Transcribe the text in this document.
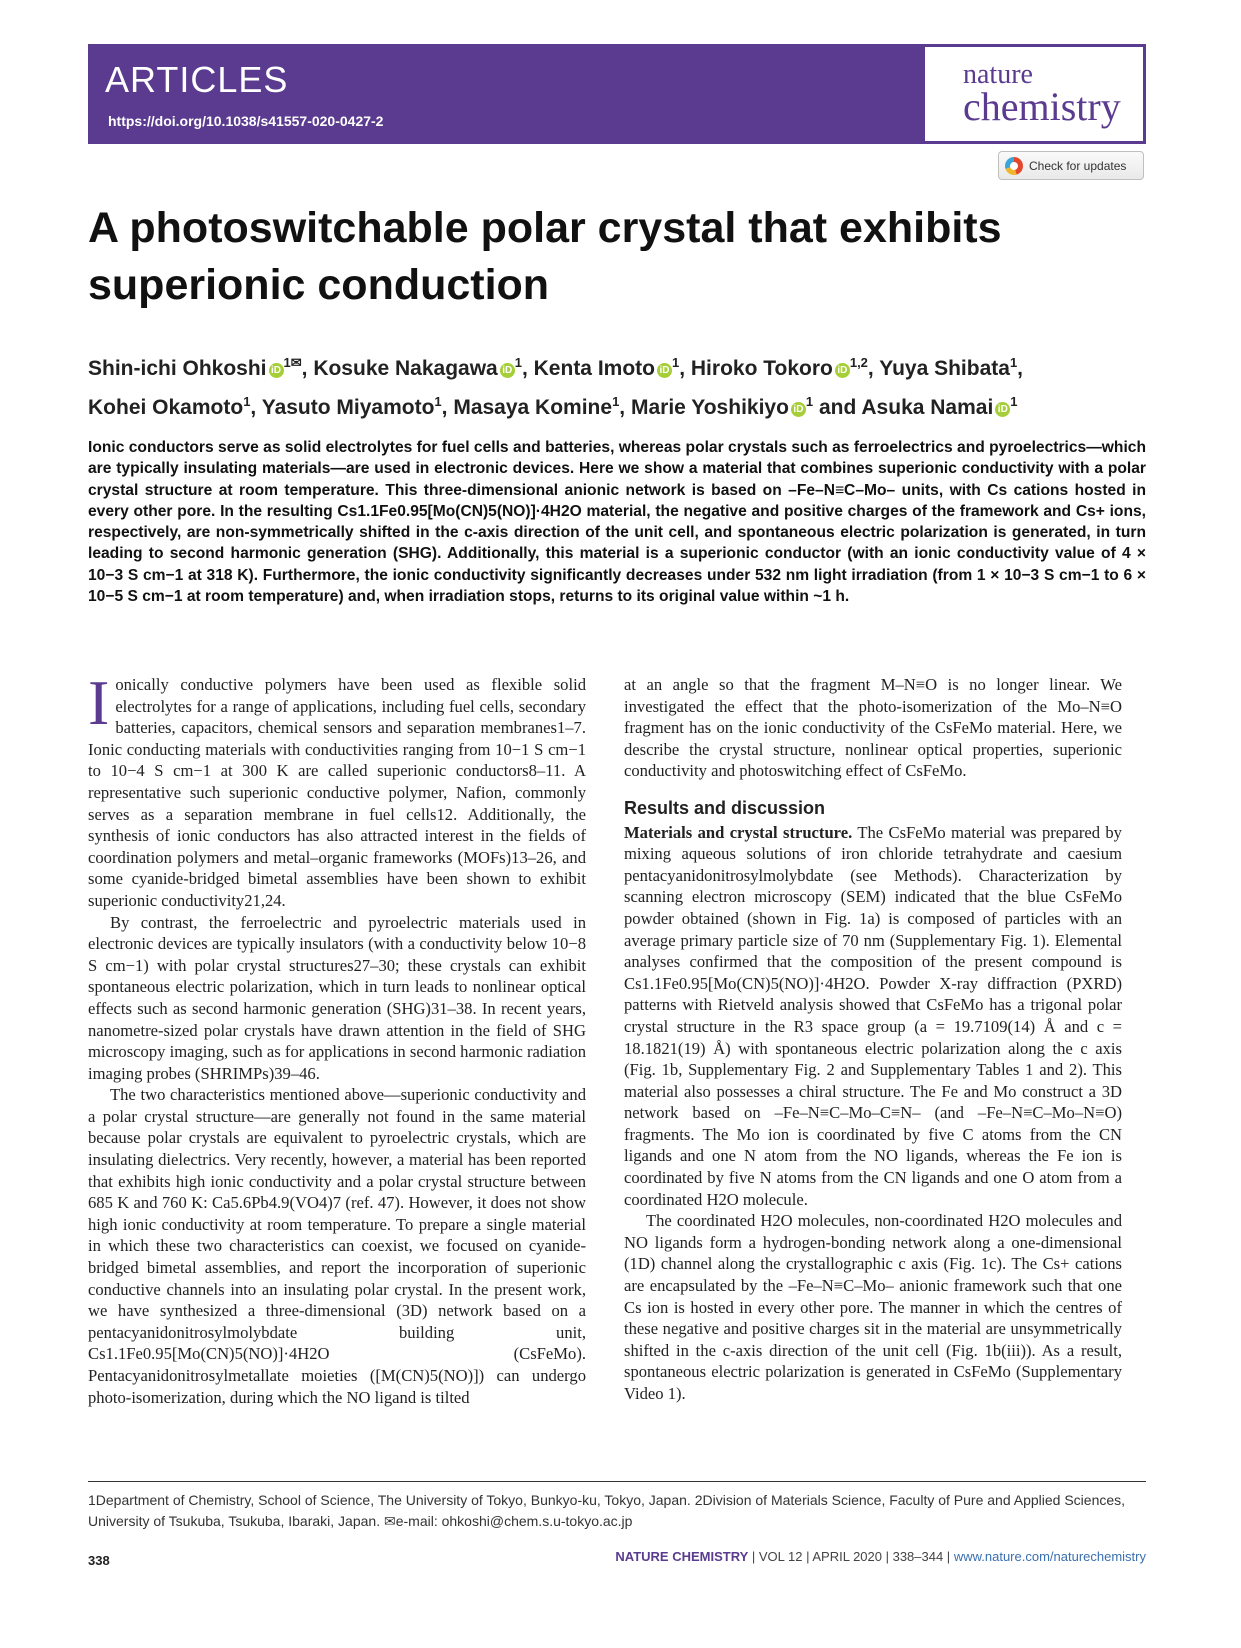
ARTICLES
https://doi.org/10.1038/s41557-020-0427-2
nature
chemistry
Check for updates
A photoswitchable polar crystal that exhibits superionic conduction
Shin-ichi Ohkoshi $iD^{1✉}$, Kosuke Nakagawa $iD^1$, Kenta Imoto $iD^1$, Hiroko Tokoro iD$^{1,2}$, Yuya Shibata$^1$,
Kohei Okamoto$^1$, Yasuto Miyamoto$^1$, Masaya Komine$^1$, Marie Yoshikiyo $iD^1$ and Asuka Namai $iD^1$
Ionic conductors serve as solid electrolytes for fuel cells and batteries, whereas polar crystals such as ferroelectrics and pyroelectrics—which are typically insulating materials—are used in electronic devices. Here we show a material that combines superionic conductivity with a polar crystal structure at room temperature. This three-dimensional anionic network is based on –Fe–N≡C–Mo– units, with Cs cations hosted in every other pore. In the resulting Cs1.1Fe0.95[Mo(CN)5(NO)]·4H2O material, the negative and positive charges of the framework and Cs+ ions, respectively, are non-symmetrically shifted in the c-axis direction of the unit cell, and spontaneous electric polarization is generated, in turn leading to second harmonic generation (SHG). Additionally, this material is a superionic conductor (with an ionic conductivity value of 4 × 10−3 S cm−1 at 318 K). Furthermore, the ionic conductivity significantly decreases under 532 nm light irradiation (from 1 × 10−3 S cm−1 to 6 × 10−5 S cm−1 at room temperature) and, when irradiation stops, returns to its original value within ~1 h.

Ionically conductive polymers have been used as flexible solid electrolytes for a range of applications, including fuel cells, secondary batteries, capacitors, chemical sensors and separation membranes1–7. Ionic conducting materials with conductivities ranging from 10−1 S cm−1 to 10−4 S cm−1 at 300 K are called superionic conductors8–11. A representative such superionic conductive polymer, Nafion, commonly serves as a separation membrane in fuel cells12. Additionally, the synthesis of ionic conductors has also attracted interest in the fields of coordination polymers and metal–organic frameworks (MOFs)13–26, and some cyanide-bridged bimetal assemblies have been shown to exhibit superionic conductivity21,24.

By contrast, the ferroelectric and pyroelectric materials used in electronic devices are typically insulators (with a conductivity below 10−8 S cm−1) with polar crystal structures27–30; these crystals can exhibit spontaneous electric polarization, which in turn leads to nonlinear optical effects such as second harmonic generation (SHG)31–38. In recent years, nanometre-sized polar crystals have drawn attention in the field of SHG microscopy imaging, such as for applications in second harmonic radiation imaging probes (SHRIMPs)39–46.

The two characteristics mentioned above—superionic conductivity and a polar crystal structure—are generally not found in the same material because polar crystals are equivalent to pyroelectric crystals, which are insulating dielectrics. Very recently, however, a material has been reported that exhibits high ionic conductivity and a polar crystal structure between 685 K and 760 K: Ca5.6Pb4.9(VO4)7 (ref. 47). However, it does not show high ionic conductivity at room temperature. To prepare a single material in which these two characteristics can coexist, we focused on cyanide-bridged bimetal assemblies, and report the incorporation of superionic conductive channels into an insulating polar crystal. In the present work, we have synthesized a three-dimensional (3D) network based on a pentacyanidonitrosylmolybdate building unit, Cs1.1Fe0.95[Mo(CN)5(NO)]·4H2O (CsFeMo). Pentacyanidonitrosylmetallate moieties ([M(CN)5(NO)]) can undergo photo-isomerization, during which the NO ligand is tilted

at an angle so that the fragment M–N≡O is no longer linear. We investigated the effect that the photo-isomerization of the Mo–N≡O fragment has on the ionic conductivity of the CsFeMo material. Here, we describe the crystal structure, nonlinear optical properties, superionic conductivity and photoswitching effect of CsFeMo.

Results and discussion

Materials and crystal structure. The CsFeMo material was prepared by mixing aqueous solutions of iron chloride tetrahydrate and caesium pentacyanidonitrosylmolybdate (see Methods). Characterization by scanning electron microscopy (SEM) indicated that the blue CsFeMo powder obtained (shown in Fig. 1a) is composed of particles with an average primary particle size of 70 nm (Supplementary Fig. 1). Elemental analyses confirmed that the composition of the present compound is Cs1.1Fe0.95[Mo(CN)5(NO)]·4H2O. Powder X-ray diffraction (PXRD) patterns with Rietveld analysis showed that CsFeMo has a trigonal polar crystal structure in the R3 space group (a = 19.7109(14) Å and c = 18.1821(19) Å) with spontaneous electric polarization along the c axis (Fig. 1b, Supplementary Fig. 2 and Supplementary Tables 1 and 2). This material also possesses a chiral structure. The Fe and Mo construct a 3D network based on –Fe–N≡C–Mo–C≡N– (and –Fe–N≡C–Mo–N≡O) fragments. The Mo ion is coordinated by five C atoms from the CN ligands and one N atom from the NO ligands, whereas the Fe ion is coordinated by five N atoms from the CN ligands and one O atom from a coordinated H2O molecule.

The coordinated H2O molecules, non-coordinated H2O molecules and NO ligands form a hydrogen-bonding network along a one-dimensional (1D) channel along the crystallographic c axis (Fig. 1c). The Cs+ cations are encapsulated by the –Fe–N≡C–Mo– anionic framework such that one Cs ion is hosted in every other pore. The manner in which the centres of these negative and positive charges sit in the material are unsymmetrically shifted in the c-axis direction of the unit cell (Fig. 1b(iii)). As a result, spontaneous electric polarization is generated in CsFeMo (Supplementary Video 1).

1Department of Chemistry, School of Science, The University of Tokyo, Bunkyo-ku, Tokyo, Japan. 2Division of Materials Science, Faculty of Pure and Applied Sciences, University of Tsukuba, Tsukuba, Ibaraki, Japan. ✉e-mail: ohkoshi@chem.s.u-tokyo.ac.jp
338	NATURE CHEMISTRY | VOL 12 | APRIL 2020 | 338–344 | www.nature.com/naturechemistry
